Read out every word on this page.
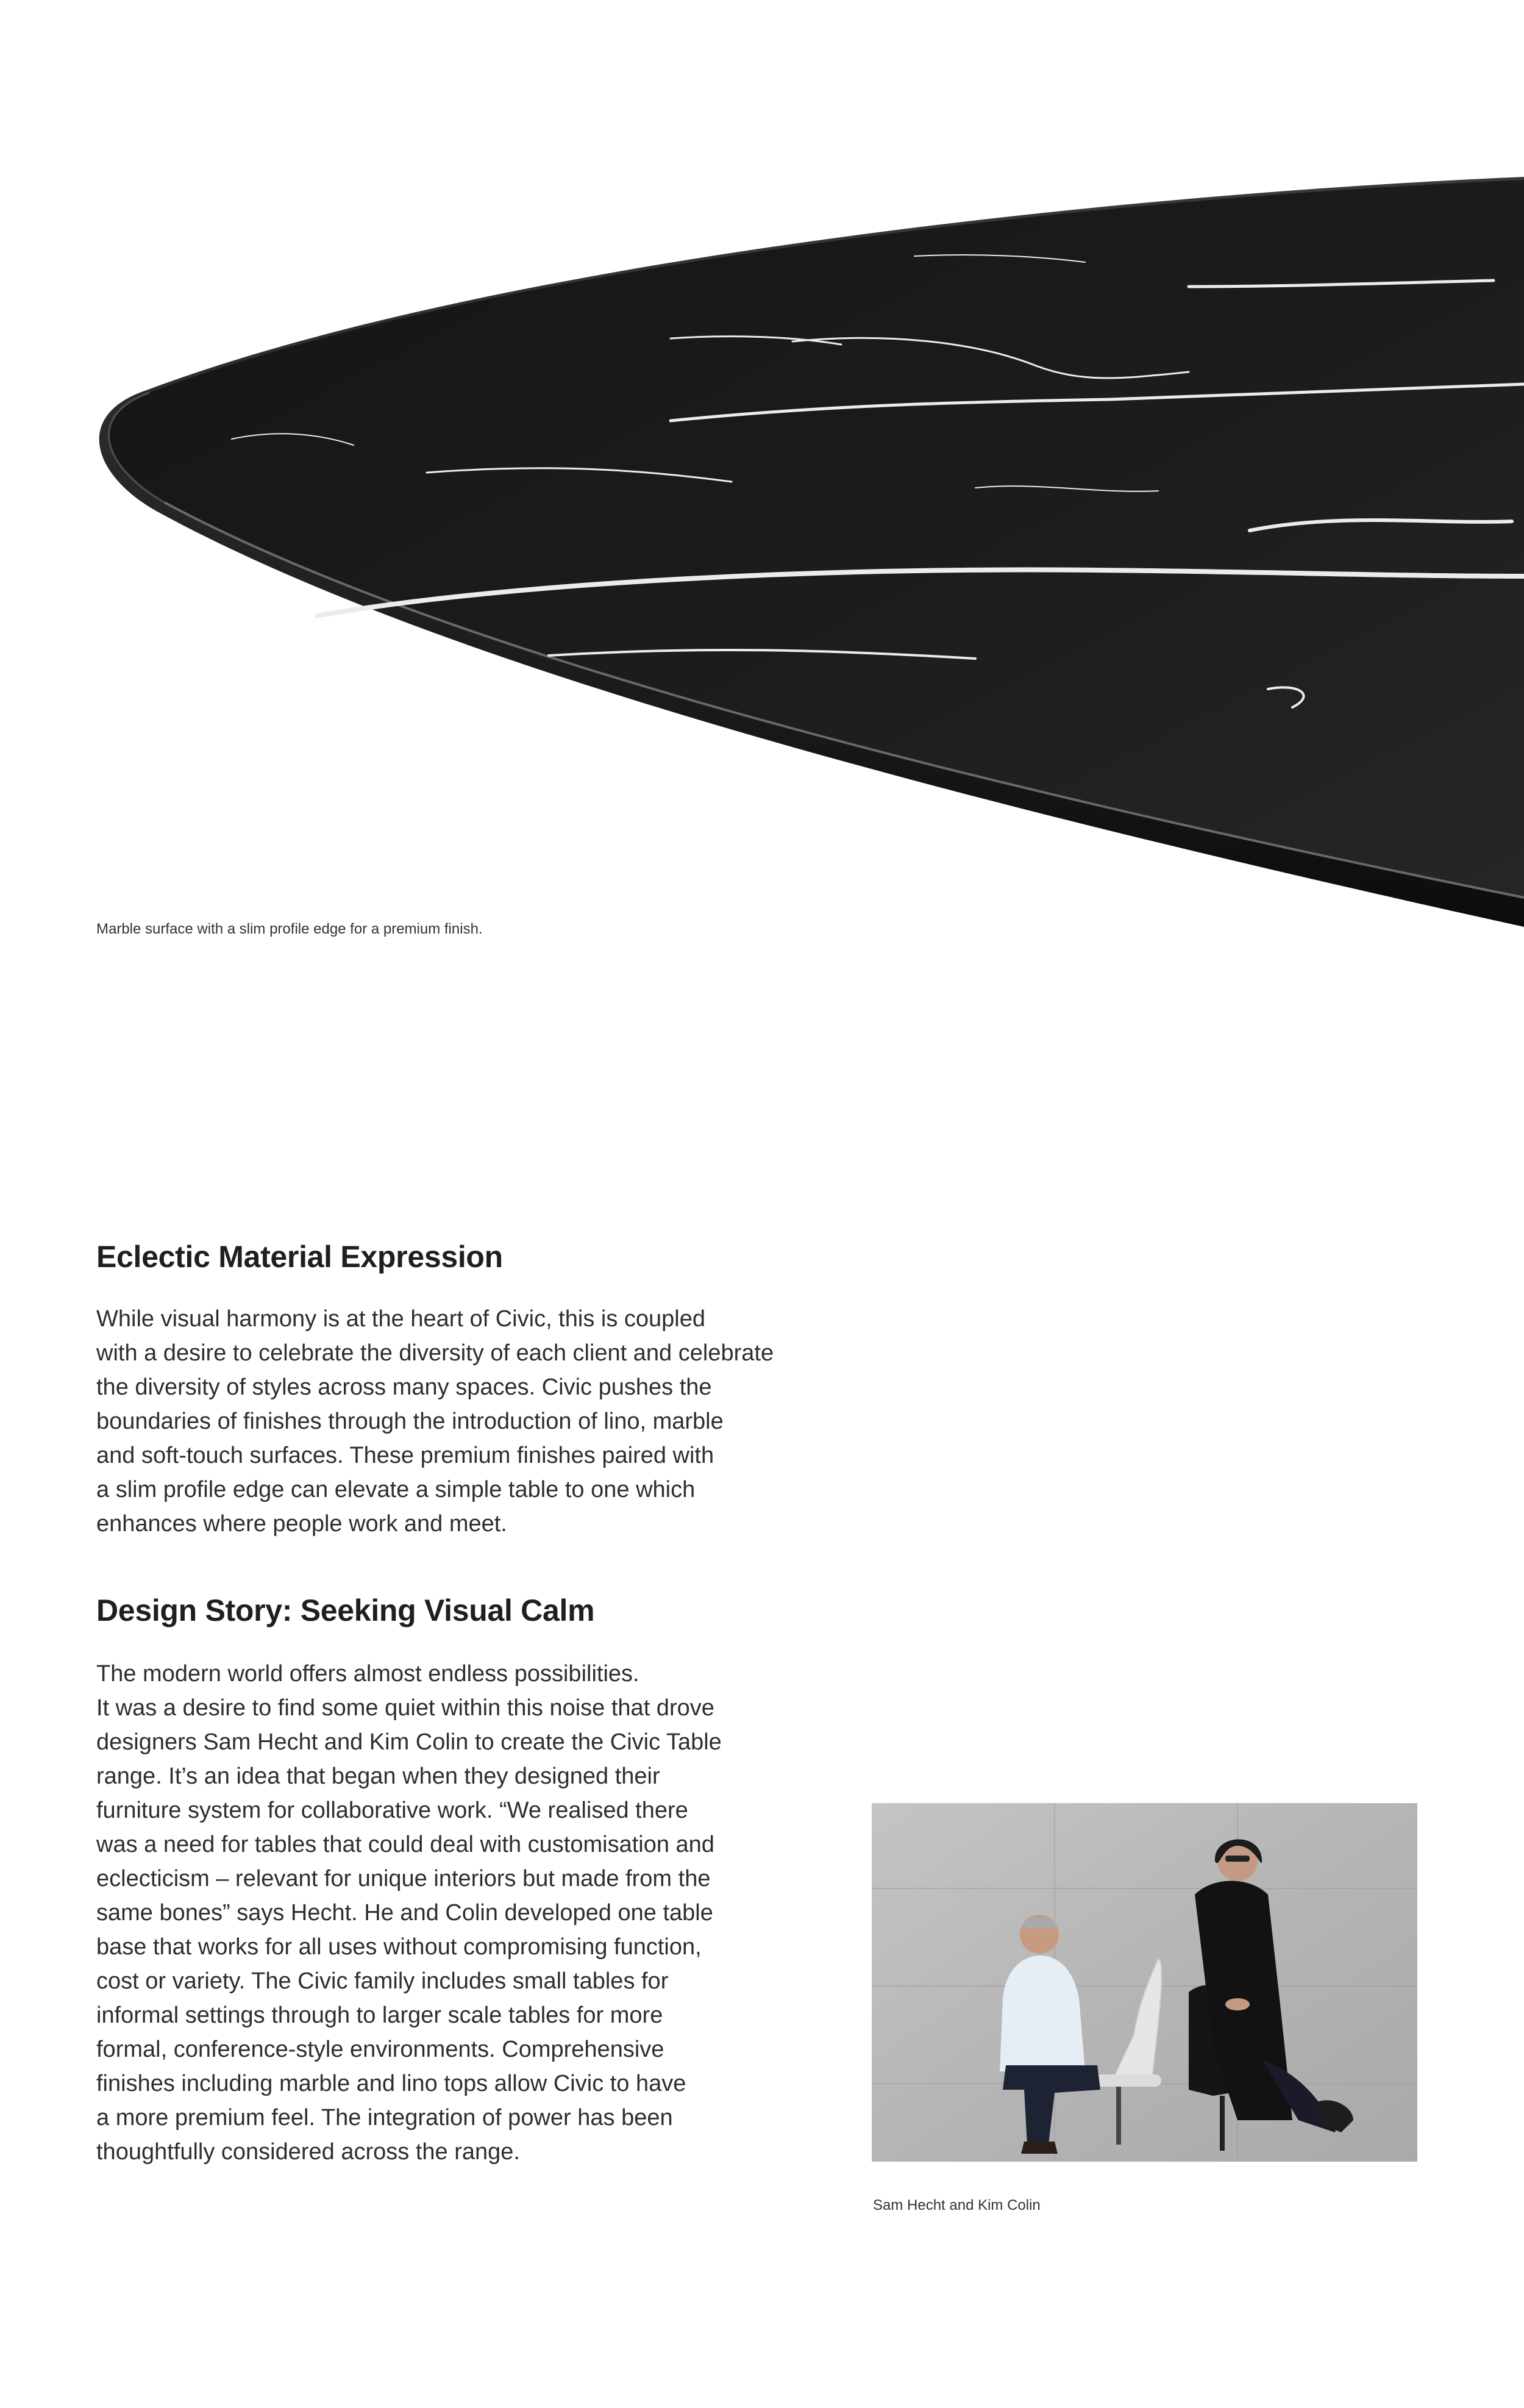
Marble surface with a slim profile edge for a premium finish.
Eclectic Material Expression
While visual harmony is at the heart of Civic, this is coupled
with a desire to celebrate the diversity of each client and celebrate
the diversity of styles across many spaces. Civic pushes the
boundaries of finishes through the introduction of lino, marble
and soft-touch surfaces. These premium finishes paired with
a slim profile edge can elevate a simple table to one which
enhances where people work and meet.
Design Story: Seeking Visual Calm
The modern world offers almost endless possibilities.
It was a desire to find some quiet within this noise that drove
designers Sam Hecht and Kim Colin to create the Civic Table
range. It’s an idea that began when they designed their
furniture system for collaborative work. “We realised there
was a need for tables that could deal with customisation and
eclecticism – relevant for unique interiors but made from the
same bones” says Hecht. He and Colin developed one table
base that works for all uses without compromising function,
cost or variety. The Civic family includes small tables for
informal settings through to larger scale tables for more
formal, conference-style environments. Comprehensive
finishes including marble and lino tops allow Civic to have
a more premium feel. The integration of power has been
thoughtfully considered across the range.
Sam Hecht and Kim Colin
